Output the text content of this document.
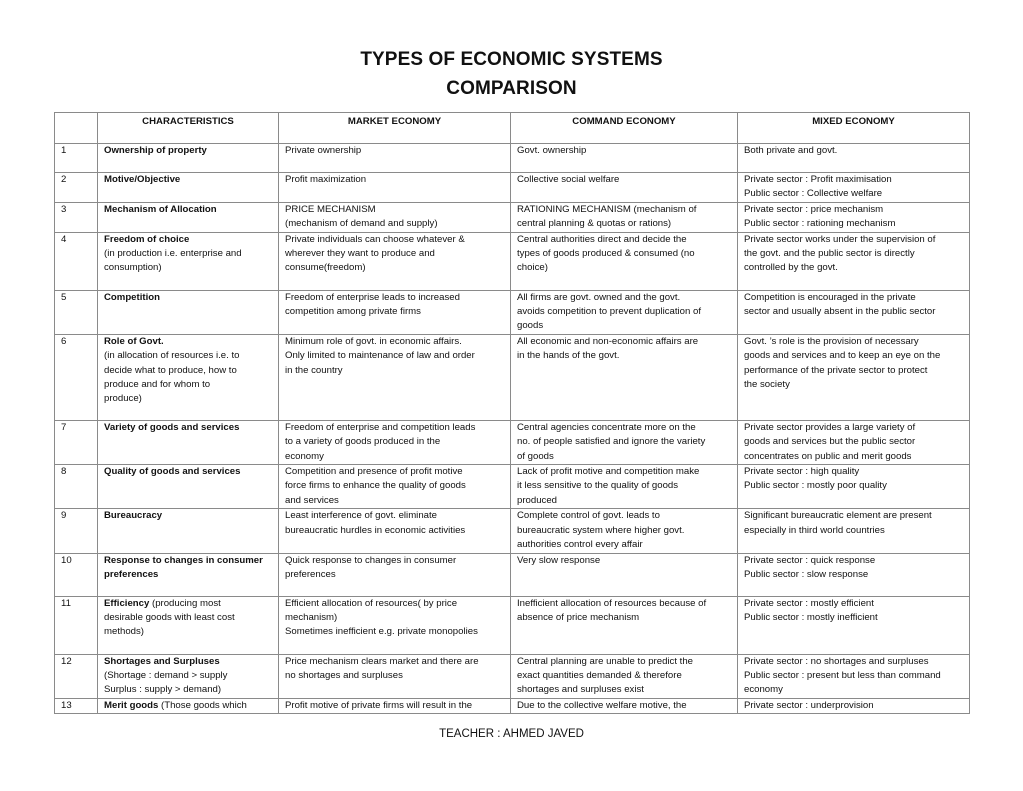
TYPES OF ECONOMIC SYSTEMS
COMPARISON
	CHARACTERISTICS	MARKET ECONOMY	COMMAND ECONOMY	MIXED ECONOMY
1	Ownership of property	Private ownership	Govt. ownership	Both private and govt.

2	Motive/Objective	Profit maximization	Collective social welfare	Private sector : Profit maximisation
Public sector : Collective welfare

3	Mechanism of Allocation	PRICE MECHANISM
(mechanism of demand and supply)	RATIONING MECHANISM (mechanism of
central planning & quotas or rations)	Private sector : price mechanism
Public sector : rationing mechanism

4	Freedom of choice
(in production i.e. enterprise and
consumption)	Private individuals can choose whatever &
wherever they want to produce and
consume(freedom)	Central authorities direct and decide the
types of goods produced & consumed (no
choice)	Private sector works under the supervision of
the govt. and the public sector is directly
controlled by the govt.

5	Competition	Freedom of enterprise leads to increased
competition among private firms	All firms are govt. owned and the govt.
avoids competition to prevent duplication of
goods	Competition is encouraged in the private
sector and usually absent in the public sector

6	Role of Govt.
(in allocation of resources i.e. to
decide what to produce, how to
produce and for whom to
produce)	Minimum role of govt. in economic affairs.
Only limited to maintenance of law and order
in the country	All economic and non-economic affairs are
in the hands of the govt.	Govt. ’s role is the provision of necessary
goods and services and to keep an eye on the
performance of the private sector to protect
the society

7	Variety of goods and services	Freedom of enterprise and competition leads
to a variety of goods produced in the
economy	Central agencies concentrate more on the
no. of people satisfied and ignore the variety
of goods	Private sector provides a large variety of
goods and services but the public sector
concentrates on public and merit goods

8	Quality of goods and services	Competition and presence of profit motive
force firms to enhance the quality of goods
and services	Lack of profit motive and competition make
it less sensitive to the quality of goods
produced	Private sector : high quality
Public sector : mostly poor quality

9	Bureaucracy	Least interference of govt. eliminate
bureaucratic hurdles in economic activities	Complete control of govt. leads to
bureaucratic system where higher govt.
authorities control every affair	Significant bureaucratic element are present
especially in third world countries

10	Response to changes in consumer
preferences	Quick response to changes in consumer
preferences	Very slow response	Private sector : quick response
Public sector : slow response

11	Efficiency (producing most
desirable goods with least cost
methods)	Efficient allocation of resources( by price
mechanism)
Sometimes inefficient e.g. private monopolies	Inefficient allocation of resources because of
absence of price mechanism	Private sector : mostly efficient
Public sector : mostly inefficient

12	Shortages and Surpluses
(Shortage : demand > supply
Surplus : supply > demand)	Price mechanism clears market and there are
no shortages and surpluses	Central planning are unable to predict the
exact quantities demanded & therefore
shortages and surpluses exist	Private sector : no shortages and surpluses
Public sector : present but less than command
economy

13	Merit goods (Those goods which	Profit motive of private firms will result in the	Due to the collective welfare motive, the	Private sector : underprovision
TEACHER : AHMED JAVED
